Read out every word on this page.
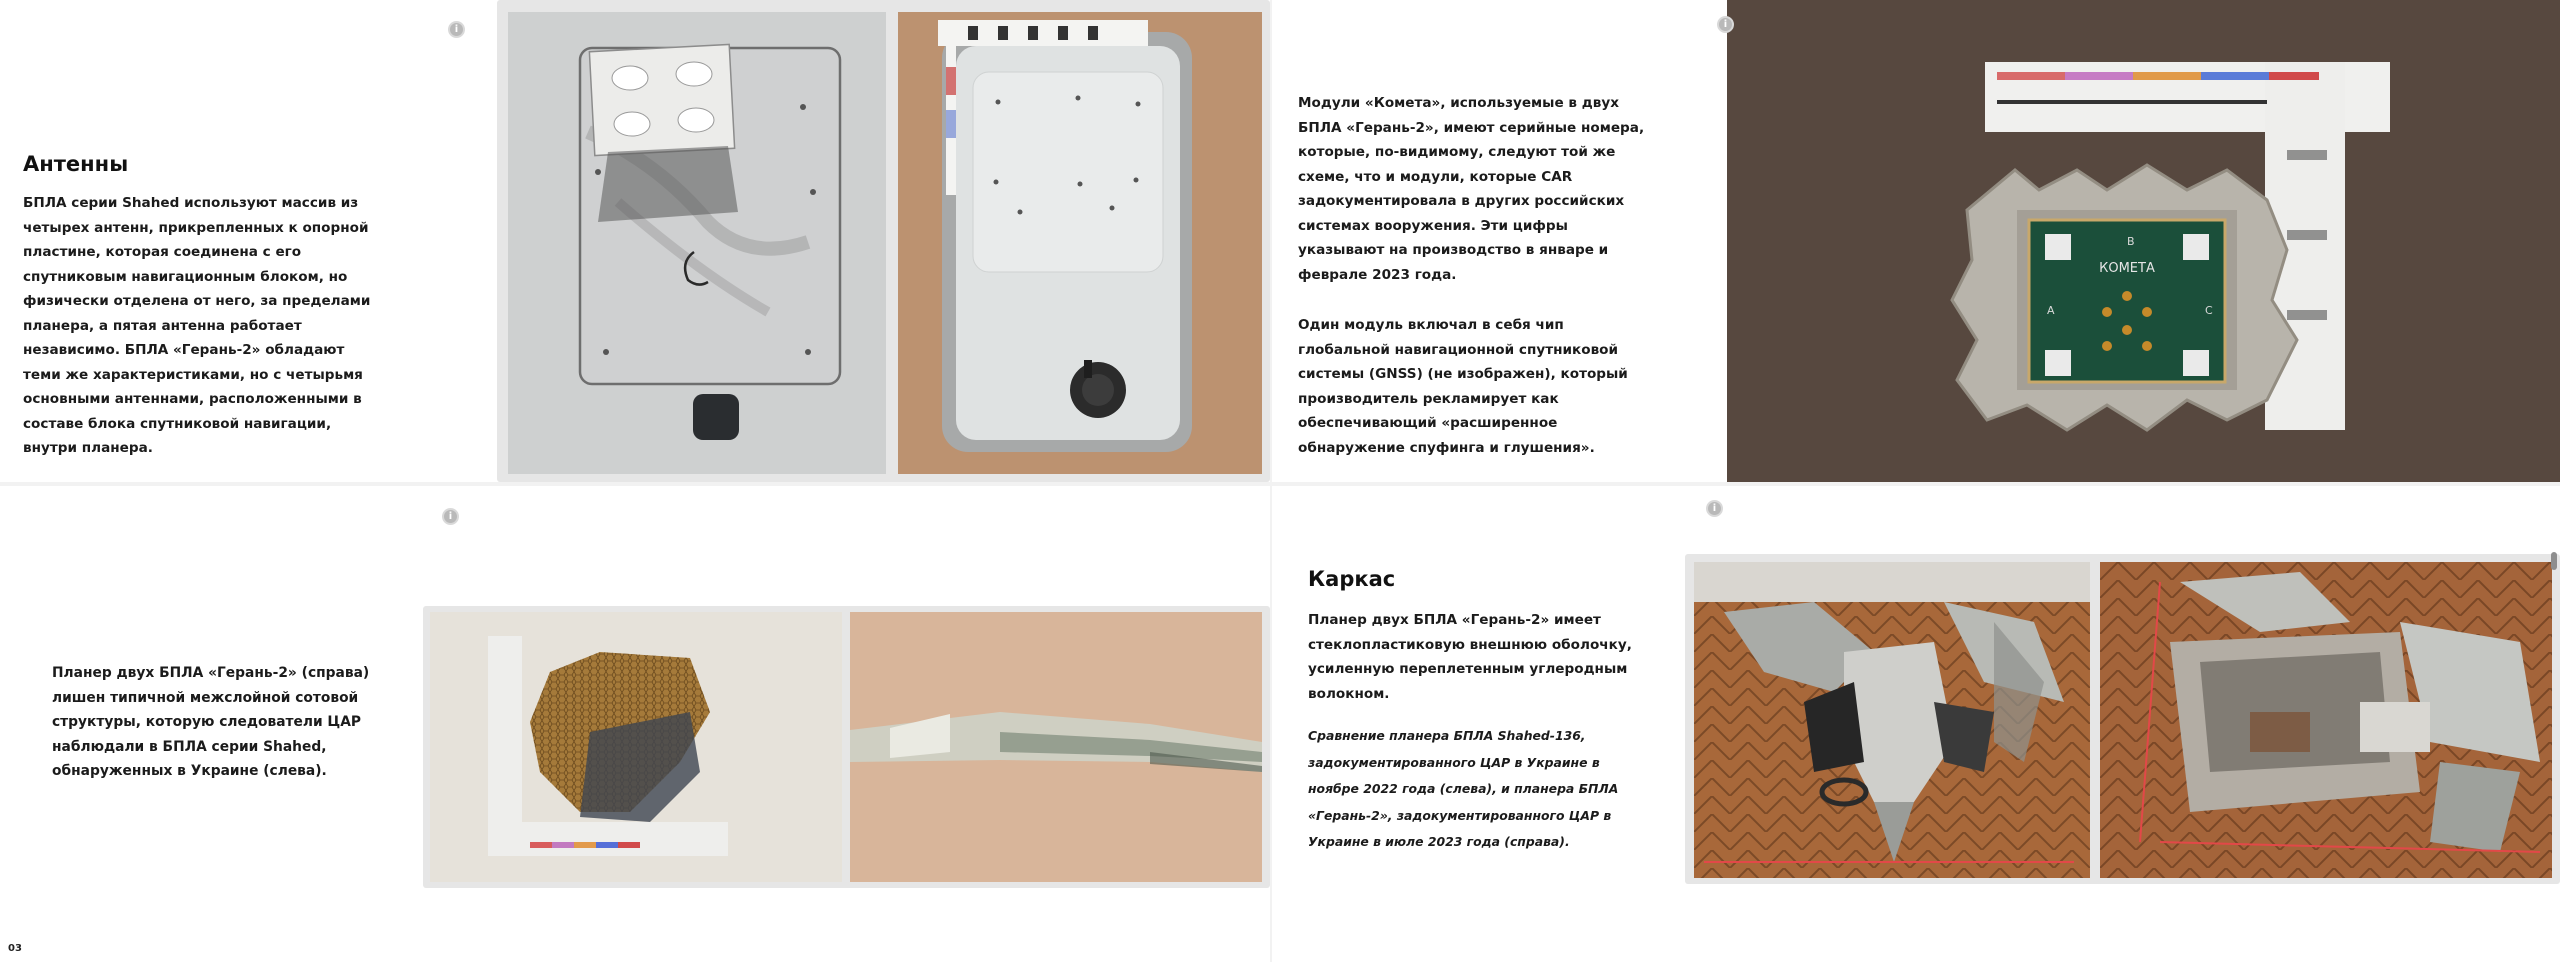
Антенны

БПЛА серии Shahed используют массив из
четырех антенн, прикрепленных к опорной
пластине, которая соединена с его
спутниковым навигационным блоком, но
физически отделена от него, за пределами
планера, а пятая антенна работает
независимо. БПЛА «Герань-2» обладают
теми же характеристиками, но с четырьмя
основными антеннами, расположенными в
составе блока спутниковой навигации,
внутри планера.

i

Модули «Комета», используемые в двух
БПЛА «Герань-2», имеют серийные номера,
которые, по-видимому, следуют той же
схеме, что и модули, которые CAR
задокументировала в других российских
системах вооружения. Эти цифры
указывают на производство в январе и
феврале 2023 года.

Один модуль включал в себя чип
глобальной навигационной спутниковой
системы (GNSS) (не изображен), который
производитель рекламирует как
обеспечивающий «расширенное
обнаружение спуфинга и глушения».

КОМЕТА
A
B
C
i
i

Планер двух БПЛА «Герань-2» (справа)
лишен типичной межслойной сотовой
структуры, которую следователи ЦАР
наблюдали в БПЛА серии Shahed,
обнаруженных в Украине (слева).

03
i
Каркас

Планер двух БПЛА «Герань-2» имеет
стеклопластиковую внешнюю оболочку,
усиленную переплетенным углеродным
волокном.

Сравнение планера БПЛА Shahed-136,
задокументированного ЦАР в Украине в
ноябре 2022 года (слева), и планера БПЛА
«Герань-2», задокументированного ЦАР в
Украине в июле 2023 года (справа).
